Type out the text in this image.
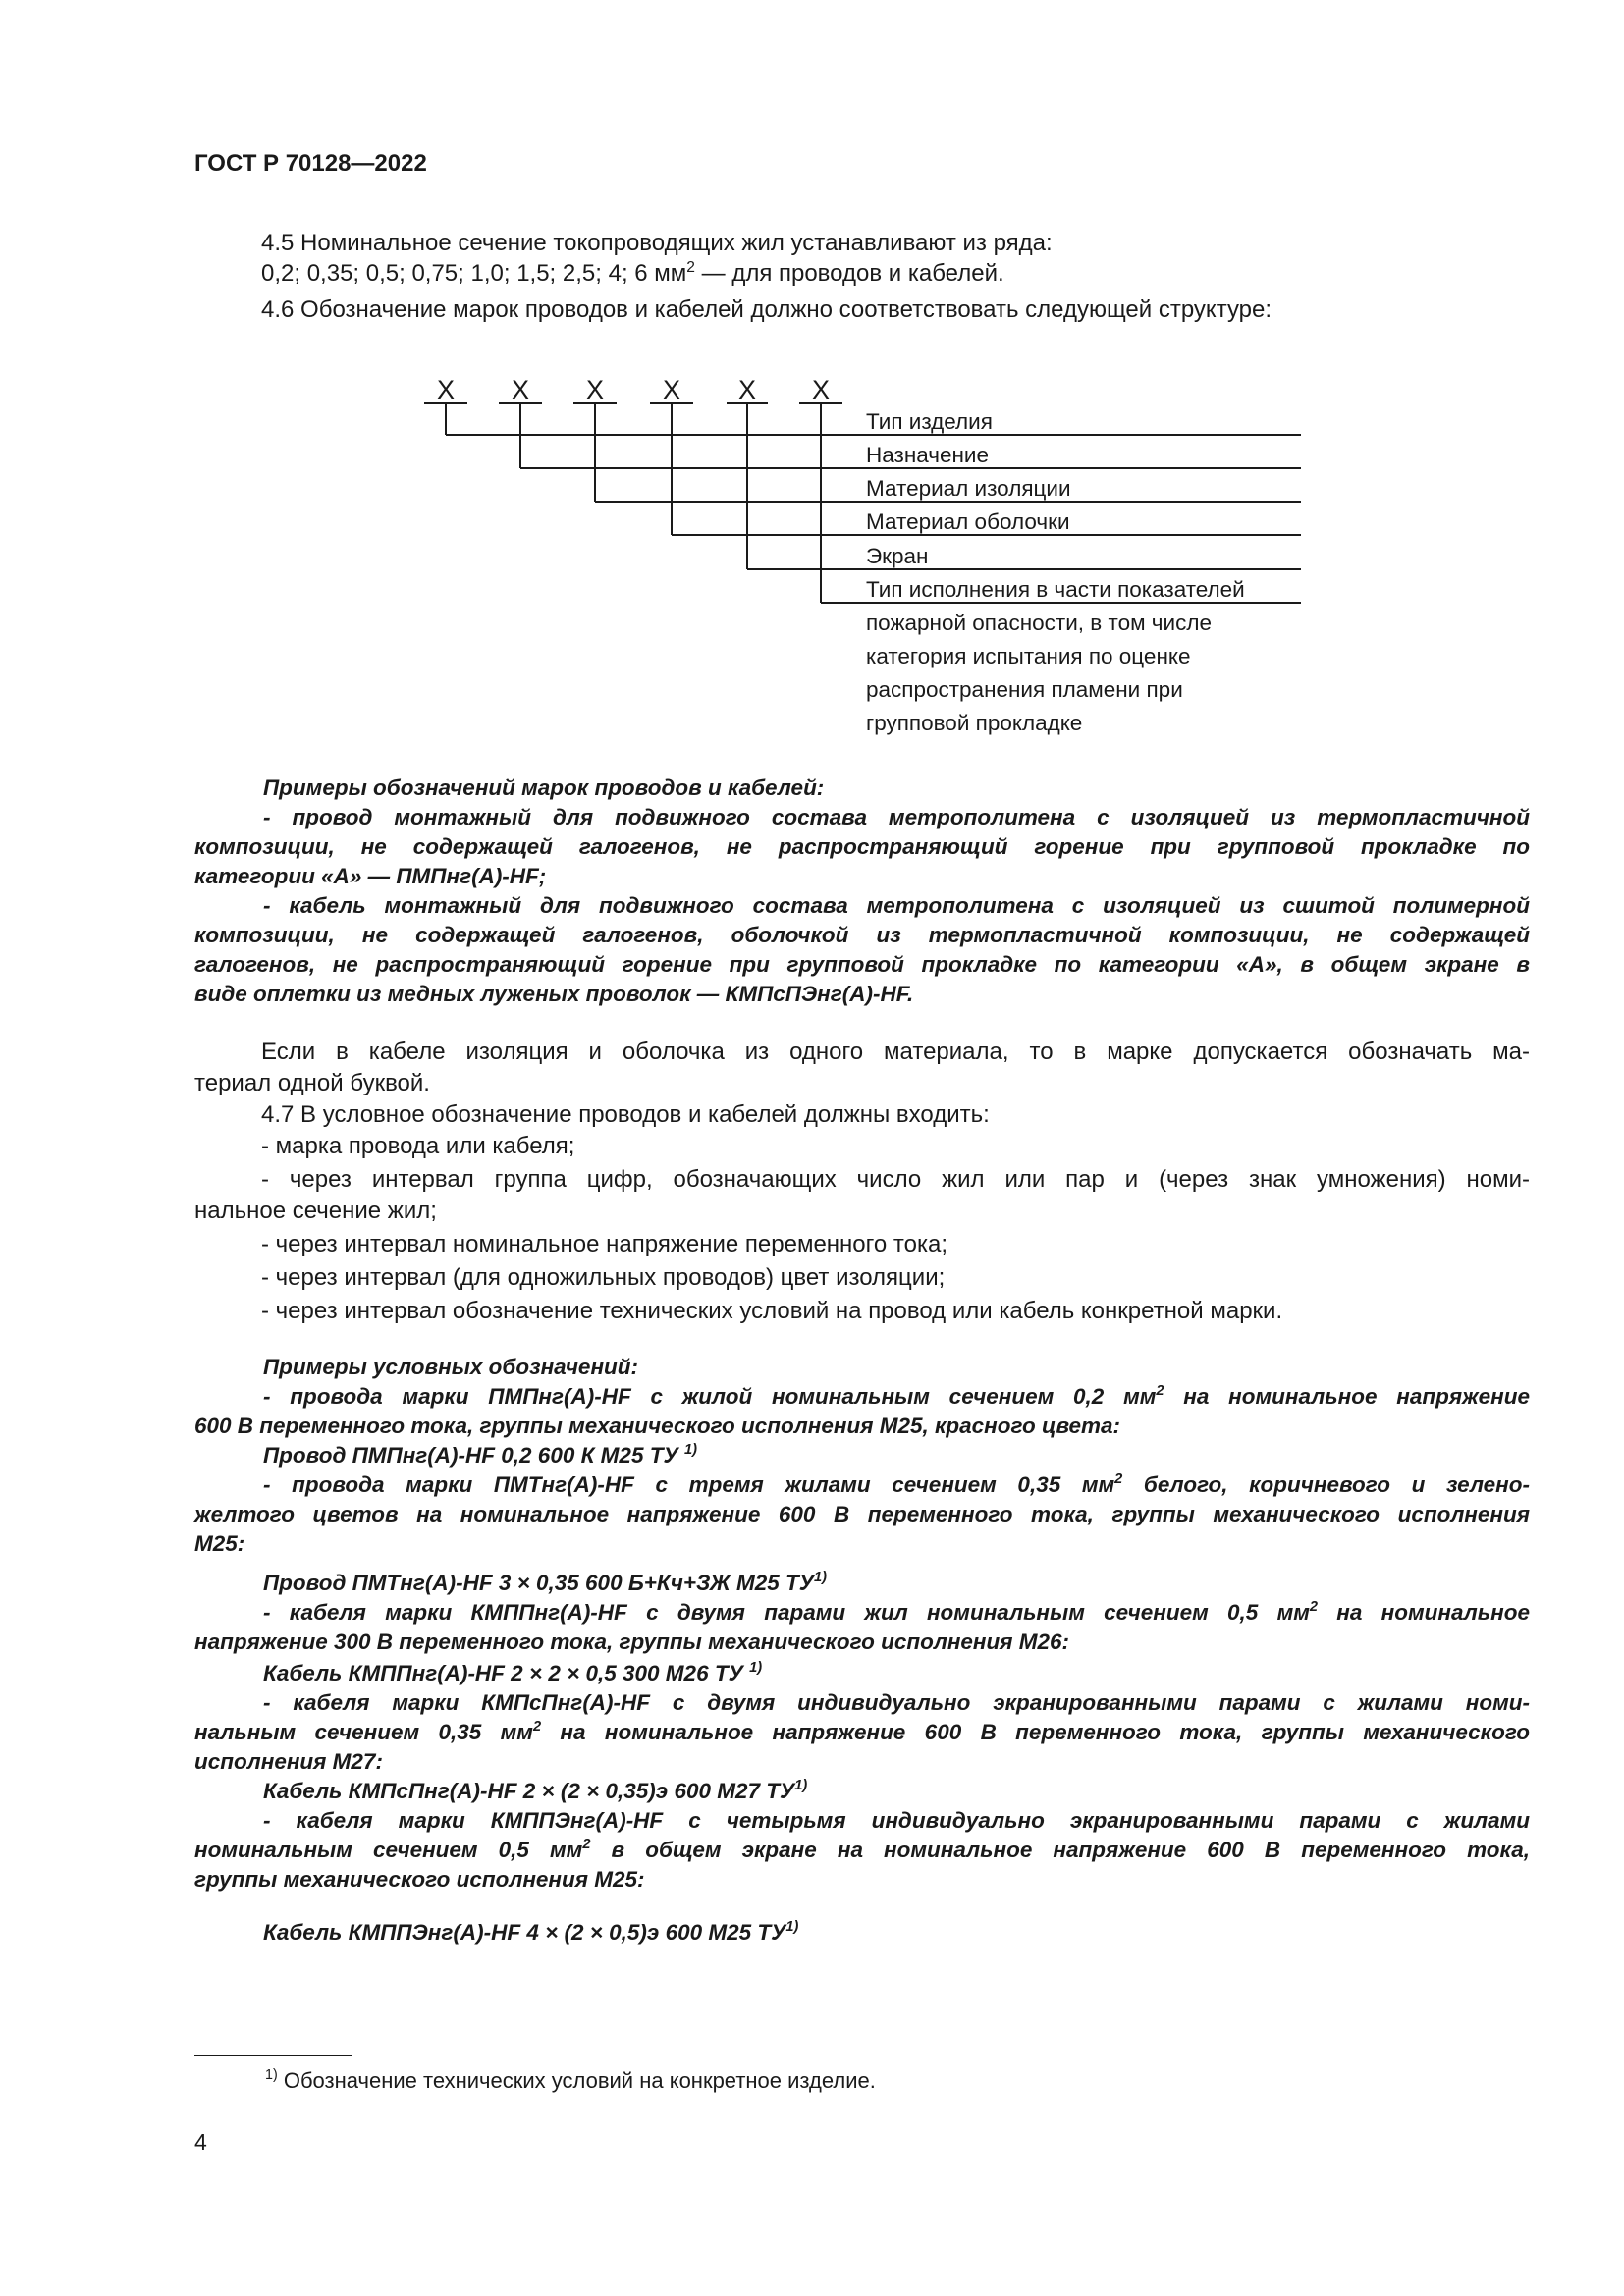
ГОСТ Р 70128—2022
4.5 Номинальное сечение токопроводящих жил устанавливают из ряда:
0,2; 0,35; 0,5; 0,75; 1,0; 1,5; 2,5; 4; 6 $мм^2$ — для проводов и кабелей.
4.6 Обозначение марок проводов и кабелей должно соответствовать следующей структуре:
Х Х Х Х Х Х
Тип изделия
Назначение
Материал изоляции
Материал оболочки
Экран
Тип исполнения в части показателей
пожарной опасности, в том числе
категория испытания по оценке
распространения пламени при
групповой прокладке
Примеры обозначений марок проводов и кабелей:
- провод монтажный для подвижного состава метрополитена с изоляцией из термопластичной
композиции, не содержащей галогенов, не распространяющий горение при групповой прокладке по
категории «А» — ПМПнг(А)-HF;
- кабель монтажный для подвижного состава метрополитена с изоляцией из сшитой полимерной
композиции, не содержащей галогенов, оболочкой из термопластичной композиции, не содержащей
галогенов, не распространяющий горение при групповой прокладке по категории «А», в общем экране в
виде оплетки из медных луженых проволок — КМПсПЭнг(А)-HF.
Если в кабеле изоляция и оболочка из одного материала, то в марке допускается обозначать ма-
териал одной буквой.
4.7 В условное обозначение проводов и кабелей должны входить:
- марка провода или кабеля;
- через интервал группа цифр, обозначающих число жил или пар и (через знак умножения) номи-
нальное сечение жил;
- через интервал номинальное напряжение переменного тока;
- через интервал (для одножильных проводов) цвет изоляции;
- через интервал обозначение технических условий на провод или кабель конкретной марки.
Примеры условных обозначений:
- провода марки ПМПнг(А)-HF с жилой номинальным сечением 0,2 $мм^2$ на номинальное напряжение
600 В переменного тока, группы механического исполнения М25, красного цвета:
Провод ПМПнг(А)-HF 0,2 600 К М25 ТУ $^{1)}$
- провода марки ПМТнг(А)-HF с тремя жилами сечением 0,35 $мм^2$ белого, коричневого и зелено-
желтого цветов на номинальное напряжение 600 В переменного тока, группы механического исполнения
М25:
Провод ПМТнг(А)-HF 3 × 0,35 600 Б+Кч+ЗЖ М25 ТУ$^{1)}$
- кабеля марки КМППнг(А)-HF с двумя парами жил номинальным сечением 0,5 $мм^2$ на номинальное
напряжение 300 В переменного тока, группы механического исполнения М26:
Кабель КМППнг(А)-HF 2 × 2 × 0,5 300 М26 ТУ $^{1)}$
- кабеля марки КМПсПнг(А)-HF с двумя индивидуально экранированными парами с жилами номи-
нальным сечением 0,35 $мм^2$ на номинальное напряжение 600 В переменного тока, группы механического
исполнения М27:
Кабель КМПсПнг(А)-HF 2 × (2 × 0,35)э 600 М27 ТУ$^{1)}$
- кабеля марки КМППЭнг(А)-HF с четырьмя индивидуально экранированными парами с жилами
номинальным сечением 0,5 $мм^2$ в общем экране на номинальное напряжение 600 В переменного тока,
группы механического исполнения М25:
Кабель КМППЭнг(А)-HF 4 × (2 × 0,5)э 600 М25 ТУ$^{1)}$
$^{1)}$ Обозначение технических условий на конкретное изделие.
4
